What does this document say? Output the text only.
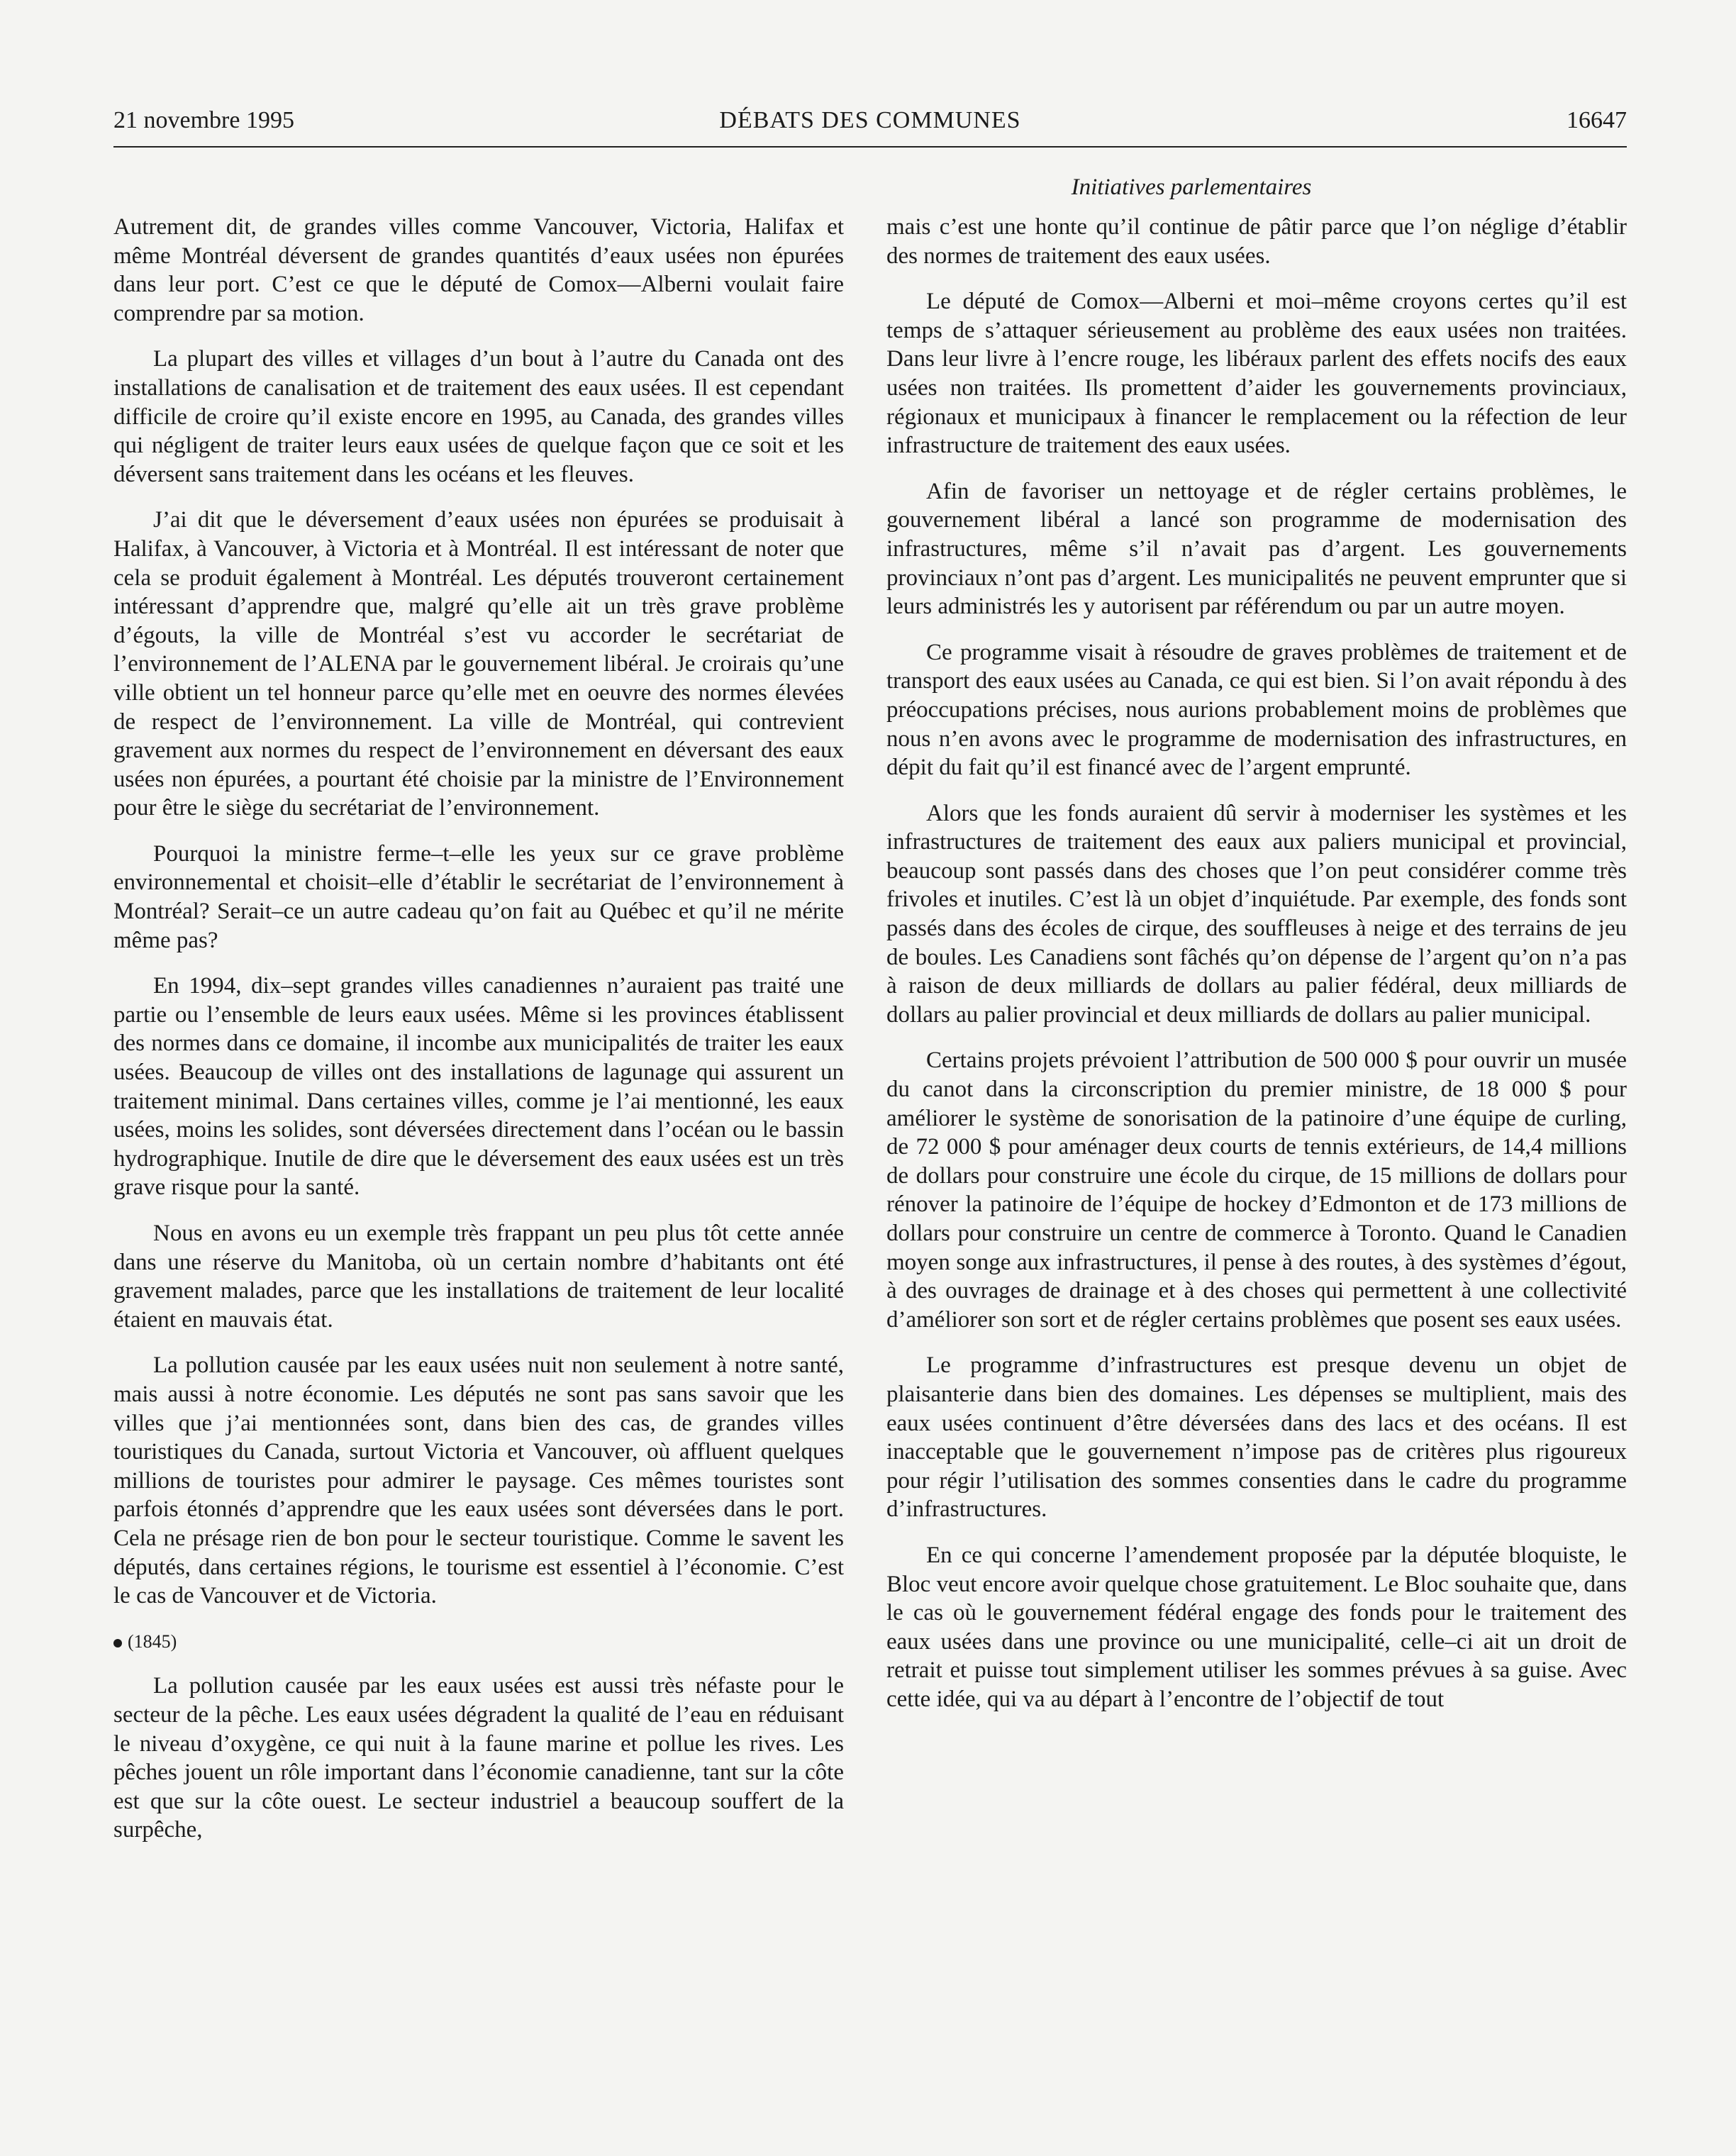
21 novembre 1995	DÉBATS DES COMMUNES	16647
Initiatives parlementaires

Autrement dit, de grandes villes comme Vancouver, Victoria, Halifax et même Montréal déversent de grandes quantités d’eaux usées non épurées dans leur port. C’est ce que le député de Comox—Alberni voulait faire comprendre par sa motion.

La plupart des villes et villages d’un bout à l’autre du Canada ont des installations de canalisation et de traitement des eaux usées. Il est cependant difficile de croire qu’il existe encore en 1995, au Canada, des grandes villes qui négligent de traiter leurs eaux usées de quelque façon que ce soit et les déversent sans traitement dans les océans et les fleuves.

J’ai dit que le déversement d’eaux usées non épurées se produisait à Halifax, à Vancouver, à Victoria et à Montréal. Il est intéressant de noter que cela se produit également à Montréal. Les députés trouveront certainement intéressant d’apprendre que, malgré qu’elle ait un très grave problème d’égouts, la ville de Montréal s’est vu accorder le secrétariat de l’environnement de l’ALENA par le gouvernement libéral. Je croirais qu’une ville obtient un tel honneur parce qu’elle met en oeuvre des normes élevées de respect de l’environnement. La ville de Montréal, qui contrevient gravement aux normes du respect de l’environnement en déversant des eaux usées non épurées, a pourtant été choisie par la ministre de l’Environnement pour être le siège du secrétariat de l’environnement.

Pourquoi la ministre ferme–t–elle les yeux sur ce grave problème environnemental et choisit–elle d’établir le secrétariat de l’environnement à Montréal? Serait–ce un autre cadeau qu’on fait au Québec et qu’il ne mérite même pas?

En 1994, dix–sept grandes villes canadiennes n’auraient pas traité une partie ou l’ensemble de leurs eaux usées. Même si les provinces établissent des normes dans ce domaine, il incombe aux municipalités de traiter les eaux usées. Beaucoup de villes ont des installations de lagunage qui assurent un traitement minimal. Dans certaines villes, comme je l’ai mentionné, les eaux usées, moins les solides, sont déversées directement dans l’océan ou le bassin hydrographique. Inutile de dire que le déversement des eaux usées est un très grave risque pour la santé.

Nous en avons eu un exemple très frappant un peu plus tôt cette année dans une réserve du Manitoba, où un certain nombre d’habitants ont été gravement malades, parce que les installations de traitement de leur localité étaient en mauvais état.

La pollution causée par les eaux usées nuit non seulement à notre santé, mais aussi à notre économie. Les députés ne sont pas sans savoir que les villes que j’ai mentionnées sont, dans bien des cas, de grandes villes touristiques du Canada, surtout Victoria et Vancouver, où affluent quelques millions de touristes pour admirer le paysage. Ces mêmes touristes sont parfois étonnés d’apprendre que les eaux usées sont déversées dans le port. Cela ne présage rien de bon pour le secteur touristique. Comme le savent les députés, dans certaines régions, le tourisme est essentiel à l’économie. C’est le cas de Vancouver et de Victoria.

(1845)

La pollution causée par les eaux usées est aussi très néfaste pour le secteur de la pêche. Les eaux usées dégradent la qualité de l’eau en réduisant le niveau d’oxygène, ce qui nuit à la faune marine et pollue les rives. Les pêches jouent un rôle important dans l’économie canadienne, tant sur la côte est que sur la côte ouest. Le secteur industriel a beaucoup souffert de la surpêche,

mais c’est une honte qu’il continue de pâtir parce que l’on néglige d’établir des normes de traitement des eaux usées.

Le député de Comox—Alberni et moi–même croyons certes qu’il est temps de s’attaquer sérieusement au problème des eaux usées non traitées. Dans leur livre à l’encre rouge, les libéraux parlent des effets nocifs des eaux usées non traitées. Ils promettent d’aider les gouvernements provinciaux, régionaux et municipaux à financer le remplacement ou la réfection de leur infrastructure de traitement des eaux usées.

Afin de favoriser un nettoyage et de régler certains problèmes, le gouvernement libéral a lancé son programme de modernisation des infrastructures, même s’il n’avait pas d’argent. Les gouvernements provinciaux n’ont pas d’argent. Les municipalités ne peuvent emprunter que si leurs administrés les y autorisent par référendum ou par un autre moyen.

Ce programme visait à résoudre de graves problèmes de traitement et de transport des eaux usées au Canada, ce qui est bien. Si l’on avait répondu à des préoccupations précises, nous aurions probablement moins de problèmes que nous n’en avons avec le programme de modernisation des infrastructures, en dépit du fait qu’il est financé avec de l’argent emprunté.

Alors que les fonds auraient dû servir à moderniser les systèmes et les infrastructures de traitement des eaux aux paliers municipal et provincial, beaucoup sont passés dans des choses que l’on peut considérer comme très frivoles et inutiles. C’est là un objet d’inquiétude. Par exemple, des fonds sont passés dans des écoles de cirque, des souffleuses à neige et des terrains de jeu de boules. Les Canadiens sont fâchés qu’on dépense de l’argent qu’on n’a pas à raison de deux milliards de dollars au palier fédéral, deux milliards de dollars au palier provincial et deux milliards de dollars au palier municipal.

Certains projets prévoient l’attribution de 500 000 $ pour ouvrir un musée du canot dans la circonscription du premier ministre, de 18 000 $ pour améliorer le système de sonorisation de la patinoire d’une équipe de curling, de 72 000 $ pour aménager deux courts de tennis extérieurs, de 14,4 millions de dollars pour construire une école du cirque, de 15 millions de dollars pour rénover la patinoire de l’équipe de hockey d’Edmonton et de 173 millions de dollars pour construire un centre de commerce à Toronto. Quand le Canadien moyen songe aux infrastructures, il pense à des routes, à des systèmes d’égout, à des ouvrages de drainage et à des choses qui permettent à une collectivité d’améliorer son sort et de régler certains problèmes que posent ses eaux usées.

Le programme d’infrastructures est presque devenu un objet de plaisanterie dans bien des domaines. Les dépenses se multiplient, mais des eaux usées continuent d’être déversées dans des lacs et des océans. Il est inacceptable que le gouvernement n’impose pas de critères plus rigoureux pour régir l’utilisation des sommes consenties dans le cadre du programme d’infrastructures.

En ce qui concerne l’amendement proposée par la députée bloquiste, le Bloc veut encore avoir quelque chose gratuitement. Le Bloc souhaite que, dans le cas où le gouvernement fédéral engage des fonds pour le traitement des eaux usées dans une province ou une municipalité, celle–ci ait un droit de retrait et puisse tout simplement utiliser les sommes prévues à sa guise. Avec cette idée, qui va au départ à l’encontre de l’objectif de tout
